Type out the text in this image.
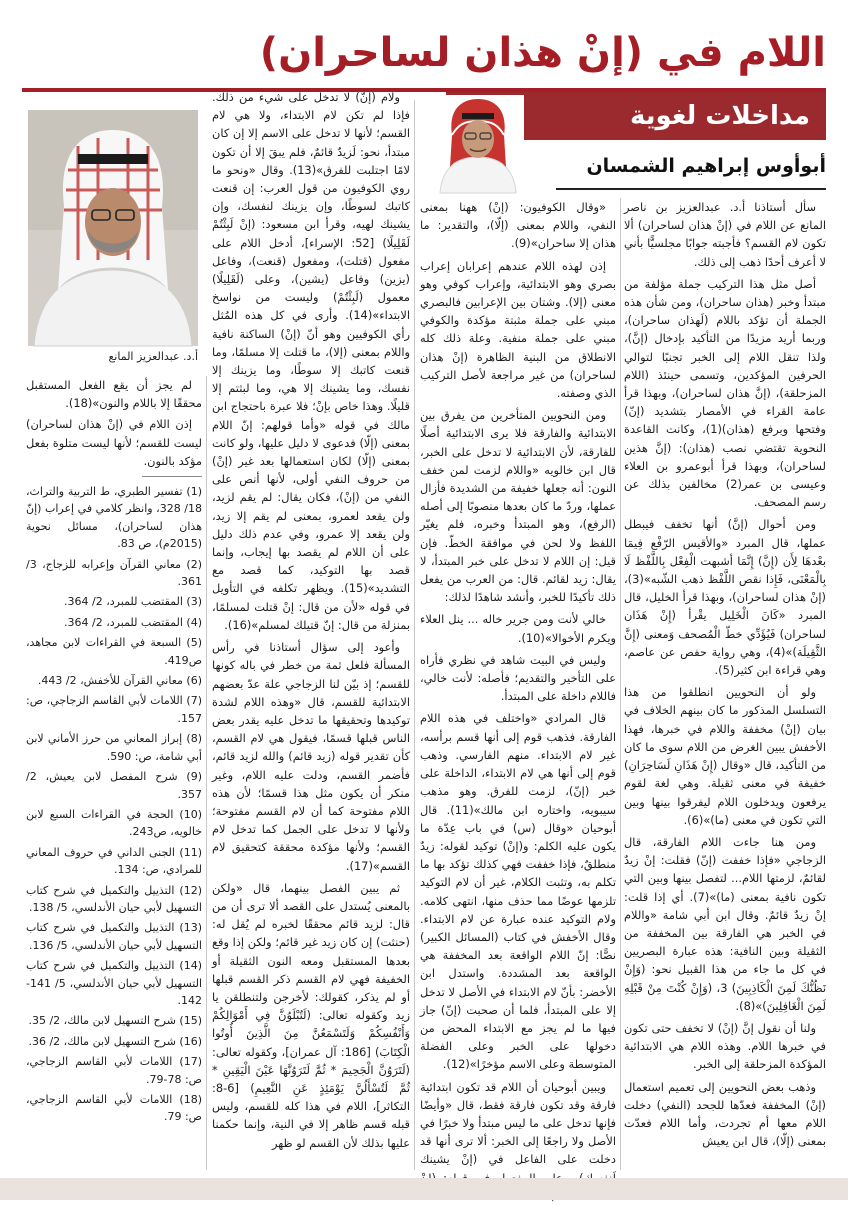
اللام في (إنْ هذان لساحران)
مداخلات لغوية
أبوأوس إبراهيم الشمسان
أ.د. عبدالعزيز المانع

سأل أستاذنا أ.د. عبدالعزيز بن ناصر المانع عن اللام في (إنْ هذان لساحران) ألا تكون لام القسم؟ فأجبته جوابًا مجلسيًّا بأني لا أعرف أحدًا ذهب إلى ذلك.

أصل مثل هذا التركيب جملة مؤلفة من مبتدأ وخبر (هذان ساحران)، ومن شأن هذه الجملة أن تؤكد باللام (لَهذان ساحران)، وربما أريد مزيدًا من التأكيد بإدخال (إنَّ)، ولذا تنقل اللام إلى الخبر تجنبًا لتوالي الحرفين المؤكدين، وتسمى حينئذ (اللام المزحلقة)، (إنَّ هذان لساحران)، وبهذا قرأ عامة القراء في الأمصار بتشديد (إنّ) وفتحها وبرفع (هذان)(1)، وكانت القاعدة النحوية تقتضي نصب (هذان): (إنَّ هذين لساحران)، وبهذا قرأ أبوعمرو بن العلاء وعيسى بن عمر(2) مخالفين بذلك عن رسم المصحف.

ومن أحوال (إنَّ) أنها تخفف فيبطل عملها، قال المبرد «والأقيس الرّفْع فِيمَا بعْدهَا لِأَن (إِنَّ) إِنَّمَا أشبهت الْفِعْل بِاللَّفْظ لَا بِالْمَعْنَى، فَإِذا نقص اللَّفْظ ذهب الشّبه»(3)، (إنْ هذان لساحران)، وبهذا قرأ الخليل، قال المبرد «كَانَ الْخَلِيل يقْرأ (إِنْ هَذَان لساحران) فَيُؤَدِّي خطّ الْمُصحف وَمعنى (إِنَّ الثَّقِيلَة)»(4)، وهي رواية حفص عن عاصم، وهي قراءة ابن كثير(5).

ولو أن النحويين انطلقوا من هذا التسلسل المذكور ما كان بينهم الخلاف في بيان (إنْ) مخففة واللام في خبرها، فهذا الأخفش يبين الغرض من اللام سوى ما كان من التأكيد، قال «وقال (إِنْ هَذَانِ لَسَاحِرَانِ) خفيفة في معنى ثقيلة. وهي لغة لقوم يرفعون ويدخلون اللام ليفرقوا بينها وبين التي تكون في معنى (ما)»(6).

ومن هنا جاءت اللام الفارقة، قال الزجاجي «فإذا خففت (إنّ) فقلت: إنْ زيدٌ لقائمٌ، لزمتها اللام... لتفصل بينها وبين التي تكون نافية بمعنى (ما)»(7). أي إذا قلت: إنْ زيدٌ قائمٌ. وقال ابن أبي شامة «واللام في الخبر هي الفارقة بين المخففة من الثقيلة وبين النافية: هذه عبارة البصريين في كل ما جاء من هذا القبيل نحو: (وَإِنْ نَظُنُّكَ لَمِنَ الْكَاذِبِينَ) 3، (وَإِنْ كُنْتَ مِنْ قَبْلِهِ لَمِنَ الْغَافِلِينَ)»(8).

ولنا أن نقول إنَّ (إنْ) لا تخفف حتى تكون في خبرها اللام. وهذه اللام هي الابتدائية المؤكدة المزحلقة إلى الخبر.

وذهب بعض النحويين إلى تعميم استعمال (إنْ) المخففة فعدّها للجحد (النفي) دخلت اللام معها أم تجردت، وأما اللام فعدّت بمعنى (إلّا)، قال ابن يعيش

«وقال الكوفيون: (إنْ) ههنا بمعنى النفي، واللام بمعنى (إلّا)، والتقدير: ما هذان إلا ساحران»(9).

إذن لهذه اللام عندهم إعرابان إعراب بصري وهو الابتدائية، وإعراب كوفي وهو معنى (إلا). وشتان بين الإعرابين فالبصري مبني على جملة مثبتة مؤكدة والكوفي مبني على جملة منفية. وعلة ذلك كله الانطلاق من البنية الظاهرة (إنْ هذان لساحران) من غير مراجعة لأصل التركيب الذي وصفته.

ومن النحويين المتأخرين من يفرق بين الابتدائية والفارقة فلا يرى الابتدائية أصلًا للفارقة، لأن الابتدائية لا تدخل على الخبر، قال ابن خالويه «واللام لزمت لمن خفف النون: أنه جعلها خفيفة من الشديدة فأزال عملها، وردّ ما كان بعدها منصوبًا إلى أصله (الرفع)، وهو المبتدأ وخبره، فلم يغيّر اللفظ ولا لحن في موافقة الخطّ. فإن قيل: إن اللام لا تدخل على خبر المبتدأ، لا يقال: زيد لقائم. قال: من العرب من يفعل ذلك تأكيدًا للخبر، وأنشد شاهدًا لذلك:

خالي لأنت ومن جرير خاله ... ينل العلاء ويكرم الأخوالا»(10).

وليس في البيت شاهد في نظري فأراه على التأخير والتقديم؛ فأصله: لأنت خالي، فاللام داخلة على المبتدأ.

قال المرادي «واختلف في هذه اللام الفارقة. فذهب قوم إلى أنها قسم برأسه، غير لام الابتداء. منهم الفارسي. وذهب قوم إلى أنها هي لام الابتداء، الداخلة على خبر (إنّ)، لزمت للفرق. وهو مذهب سيبويه، واختاره ابن مالك»(11). قال أبوحيان «وقال (س) في باب عِدّة ما يكون عليه الكلم: و(إنْ) توكيد لقوله: زيدٌ منطلقٌ، فإذا خففت فهي كذلك تؤكد بها ما تكلم به، وتثبت الكلام، غير أن لام التوكيد تلزمها عوضًا مما حذف منها، انتهى كلامه. ولام التوكيد عنده عبارة عن لام الابتداء. وقال الأخفش في كتاب (المسائل الكبير) نصًّا: إنّ اللام الواقعة بعد المخففة هي الواقعة بعد المشددة. واستدل ابن الأخضر: بأنّ لام الابتداء في الأصل لا تدخل إلا على المبتدأ، فلما أن صحبت (إنّ) جاز فيها ما لم يجز مع الابتداء المحض من دخولها على الخبر وعلى الفضلة المتوسطة وعلى الاسم مؤخرًا»(12).

ويبين أبوحيان أن اللام قد تكون ابتدائية فارقة وقد تكون فارقة فقط، قال «وأيضًا فإنها تدخل على ما ليس مبتدأ ولا خبرًا في الأصل ولا راجعًا إلى الخبر: ألا ترى أنها قد دخلت على الفاعل في (إنْ يشينك

ولام (إنّ) لا تدخل على شيء من ذلك. فإذا لم تكن لام الابتداء، ولا هي لام القسم؛ لأنها لا تدخل على الاسم إلا إن كان مبتدأ، نحو: لَزيدٌ قائمٌ، فلم يبقَ إلا أن تكون لامًا اجتلبت للفرق»(13). وقال «ونحو ما روي الكوفيون من قول العرب: إن قنعت كاتبك لسوطًا، وإن يزينك لنفسك، وإن يشينك لهيه، وقرأ ابن مسعود: (إنْ لَبِثْتُمْ لَقَلِيلًا) [52: الإسراء]، أدخل اللام على مفعول (قتلت)، ومفعول (قنعت)، وفاعل (يزين) وفاعل (يشين)، وعلى (لَقَلِيلًا) معمول (لَبِثْتُمْ) وليست من نواسخ الابتداء»(14). وأرى في كل هذه المُثل رأي الكوفيين وهو أنّ (إنْ) الساكنة نافية واللام بمعنى (إلا)، ما قتلت إلا مسلمًا، وما قنعت كاتبك إلا سوطًا، وما يزينك إلا نفسك، وما يشينك إلا هي، وما لبثتم إلا قليلًا. وهذا خاص بإنْ؛ فلا عبرة باحتجاج ابن مالك في قوله «وأما قولهم: إنّ اللام بمعنى (إلّا) فدعوى لا دليل عليها، ولو كانت بمعنى (إلّا) لكان استعمالها بعد غير (إنْ) من حروف النفي أولى، لأنها أنص على النفي من (إنْ)، فكان يقال: لم يقم لزيد، ولن يقعد لعمرو، بمعنى لم يقم إلا زيد، ولن يقعد إلا عمرو، وفي عدم ذلك دليل على أن اللام لم يقصد بها إيجاب، وإنما قصد بها التوكيد، كما قصد مع التشديد»(15). ويظهر تكلفه في التأويل في قوله «لأن من قال: إنْ قتلت لمسلمًا، بمنزلة من قال: إنّ قتيلك لمسلم»(16).

وأعود إلى سؤال أستاذنا في رأس المسألة فلعل ثمة من خطر في باله كونها للقسم؛ إذ بيّن لنا الزجاجي علة عدّ بعضهم الابتدائية للقسم، قال «وهذه اللام لشدة توكيدها وتحقيقها ما تدخل عليه يقدر بعض الناس قبلها قسمًا، فيقول هي لام القسم، كأن تقدير قوله (زيد قائم) والله لزيد قائم، فأضمر القسم، ودلت عليه اللام، وغير منكر أن يكون مثل هذا قسمًا؛ لأن هذه اللام مفتوحة كما أن لام القسم مفتوحة؛ ولأنها لا تدخل على الجمل كما تدخل لام القسم؛ ولأنها مؤكدة محققة كتحقيق لام القسم»(17).

ثم يبين الفصل بينهما، قال «ولكن بالمعنى يُستدل على القصد ألا ترى أن من قال: لزيد قائم محققًا لخبره لم يُقل له: (حنثت) إن كان زيد غير قائم؛ ولكن إذا وقع بعدها المستقبل ومعه النون الثقيلة أو الخفيفة فهي لام القسم ذكر القسم قبلها أو لم يذكر، كقولك: لأخرجن ولتنطلقن يا زيد وكقوله تعالى: (لَتُبْلَوُنَّ فِي أَمْوَالِكُمْ وَأَنْفُسِكُمْ وَلَتَسْمَعُنَّ مِنَ الَّذِينَ أُوتُوا الْكِتَابَ) [186: آل عمران]، وكقوله تعالى: (لَتَرَوُنَّ الْجَحِيمَ * ثُمَّ لَتَرَوُنَّهَا عَيْنَ الْيَقِينِ * ثُمَّ لَتُسْأَلُنَّ يَوْمَئِذٍ عَنِ النَّعِيمِ) [6-8: التكاثر]، اللام في هذا كله للقسم، وليس قبله قسم ظاهر إلا في النية، وإنما حكمنا عليها بذلك لأن القسم لو ظهر

لم يجز أن يقع الفعل المستقبل محققًا إلا باللام والنون»(18).

إذن اللام في (إنْ هذان لساحران) ليست للقسم؛ لأنها ليست متلوة بفعل مؤكد بالنون.

(1) تفسير الطبري، ط التربية والتراث، 18/ 328، وانظر كلامي في إعراب (إنّ هذان لساحران)، مسائل نحوية (2015م)، ص 83.
(2) معاني القرآن وإعرابه للزجاج، 3/ 361.
(3) المقتضب للمبرد، 2/ 364.
(4) المقتضب للمبرد، 2/ 364.
(5) السبعة في القراءات لابن مجاهد، ص419.
(6) معاني القرآن للأخفش، 2/ 443.
(7) اللامات لأبي القاسم الزجاجي، ص: 157.
(8) إبراز المعاني من حرز الأماني لابن أبي شامة، ص: 590.
(9) شرح المفصل لابن يعيش، 2/ 357.
(10) الحجة في القراءات السبع لابن خالويه، ص243.
(11) الجنى الداني في حروف المعاني للمرادي، ص: 134.
(12) التذييل والتكميل في شرح كتاب التسهيل لأبي حيان الأندلسي، 5/ 138.
(13) التذييل والتكميل في شرح كتاب التسهيل لأبي حيان الأندلسي، 5/ 136.
(14) التذييل والتكميل في شرح كتاب التسهيل لأبي حيان الأندلسي، 5/ 141-142.
(15) شرح التسهيل لابن مالك، 2/ 35.
(16) شرح التسهيل لابن مالك، 2/ 36.
(17) اللامات لأبي القاسم الزجاجي، ص: 78-79.
(18) اللامات لأبي القاسم الزجاجي، ص: 79.
